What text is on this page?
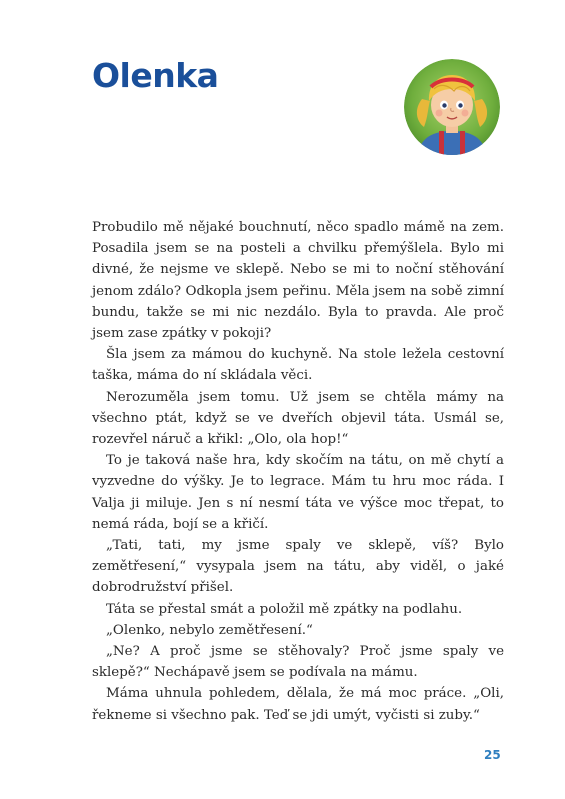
Olenka

Probudilo mě nějaké bouchnutí, něco spadlo mámě na zem. Posadila jsem se na posteli a chvilku přemýšlela. Bylo mi divné, že nejsme ve sklepě. Nebo se mi to noční stěhování jenom zdálo? Odkopla jsem peřinu. Měla jsem na sobě zimní bundu, takže se mi nic nezdálo. Byla to pravda. Ale proč jsem zase zpátky v pokoji?

Šla jsem za mámou do kuchyně. Na stole ležela cestovní taška, máma do ní skládala věci.

Nerozuměla jsem tomu. Už jsem se chtěla mámy na všechno ptát, když se ve dveřích objevil táta. Usmál se, rozevřel náruč a křikl: „Olo, ola hop!“

To je taková naše hra, kdy skočím na tátu, on mě chytí a vyzvedne do výšky. Je to legrace. Mám tu hru moc ráda. I Valja ji miluje. Jen s ní nesmí táta ve výšce moc třepat, to nemá ráda, bojí se a křičí.

„Tati, tati, my jsme spaly ve sklepě, víš? Bylo zemětřesení,“ vysypala jsem na tátu, aby viděl, o jaké dobrodružství přišel.

Táta se přestal smát a položil mě zpátky na podlahu.

„Olenko, nebylo zemětřesení.“

„Ne? A proč jsme se stěhovaly? Proč jsme spaly ve sklepě?“ Nechápavě jsem se podívala na mámu.

Máma uhnula pohledem, dělala, že má moc práce. „Oli, řekneme si všechno pak. Teď se jdi umýt, vyčisti si zuby.“

25
